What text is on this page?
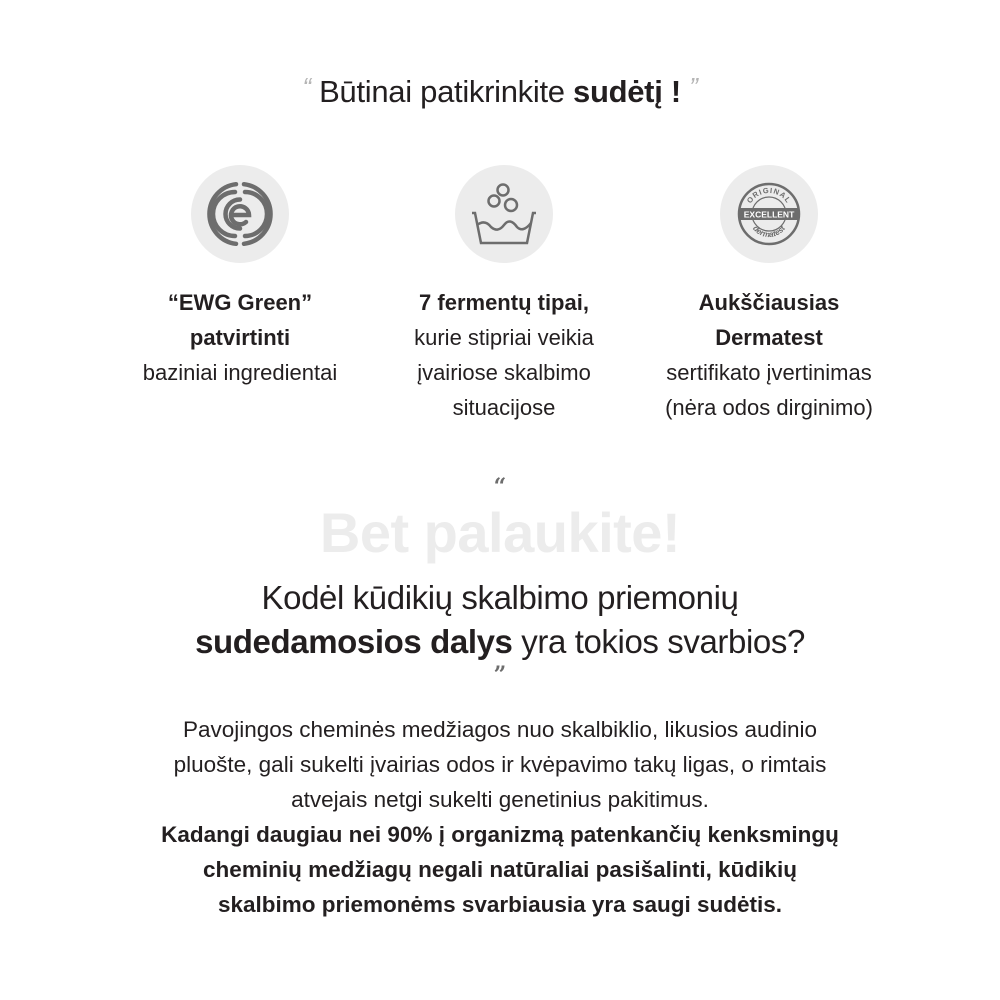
“ Būtinai patikrinkite sudėtį ! ”
“EWG Green”
patvirtinti
baziniai ingredientai
7 fermentų tipai,
kurie stipriai veikia
įvairiose skalbimo
situacijose
ORIGINAL
EXCELLENT
dermatest
Aukščiausias
Dermatest
sertifikato įvertinimas
(nėra odos dirginimo)
“
Bet palaukite!
Kodėl kūdikių skalbimo priemonių
sudedamosios dalys yra tokios svarbios?
”
Pavojingos cheminės medžiagos nuo skalbiklio, likusios audinio
pluošte, gali sukelti įvairias odos ir kvėpavimo takų ligas, o rimtais
atvejais netgi sukelti genetinius pakitimus.
Kadangi daugiau nei 90% į organizmą patenkančių kenksmingų
cheminių medžiagų negali natūraliai pasišalinti, kūdikių
skalbimo priemonėms svarbiausia yra saugi sudėtis.
